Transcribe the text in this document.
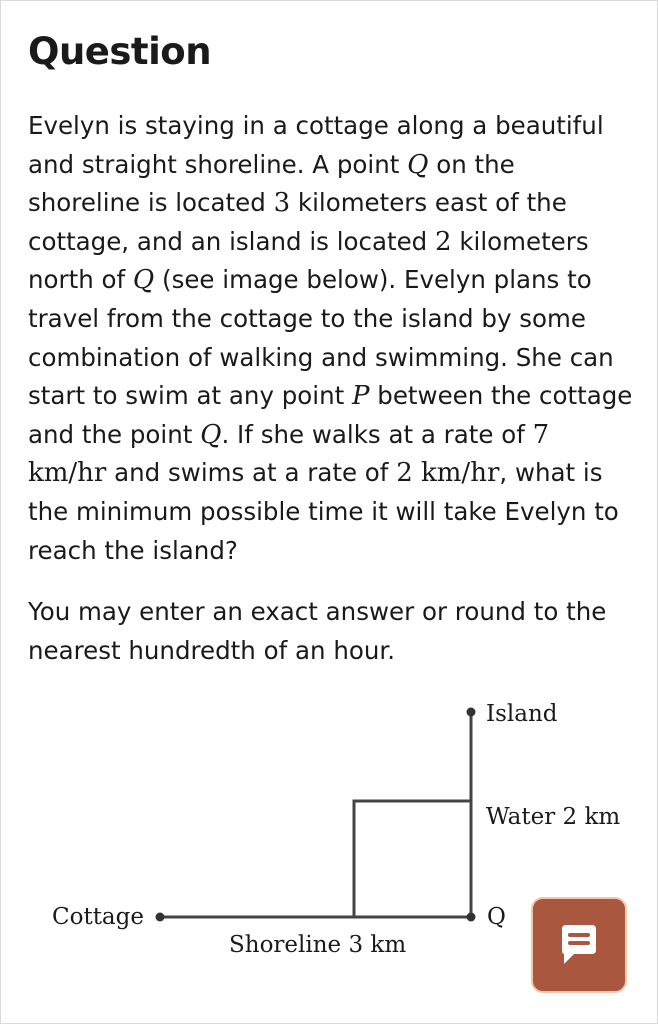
Question

Evelyn is staying in a cottage along a beautiful and straight shoreline. A point Q on the shoreline is located 3 kilometers east of the cottage, and an island is located 2 kilometers north of Q (see image below). Evelyn plans to travel from the cottage to the island by some combination of walking and swimming. She can start to swim at any point P between the cottage and the point Q. If she walks at a rate of 7 km/hr and swims at a rate of 2 km/hr, what is the minimum possible time it will take Evelyn to reach the island?

You may enter an exact answer or round to the nearest hundredth of an hour.

Island
Water 2 km
Cottage	Q
Shoreline 3 km
